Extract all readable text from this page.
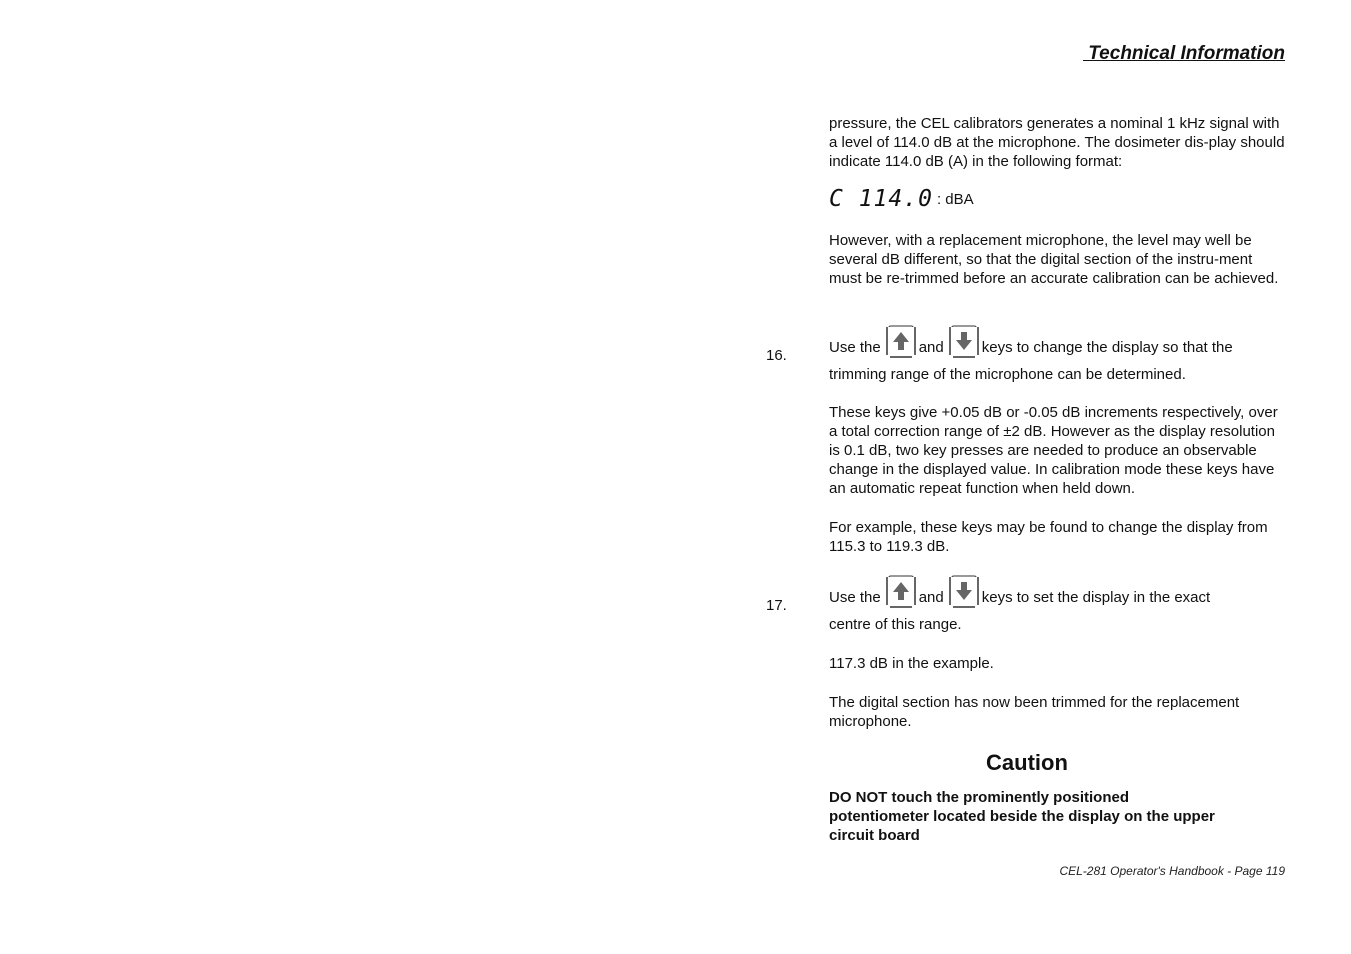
Technical Information
pressure, the CEL calibrators generates a nominal 1 kHz signal with a level of 114.0 dB at the microphone. The dosimeter dis-play should indicate 114.0 dB (A) in the following format:
C 114.0 : dBA
However, with a replacement microphone, the level may well be several dB different, so that the digital section of the instru-ment must be re-trimmed before an accurate calibration can be achieved.
16.	Use the	and	keys to change the display so that the
trimming range of the microphone can be determined.
These keys give +0.05 dB or -0.05 dB increments respectively, over a total correction range of ±2 dB. However as the display resolution is 0.1 dB, two key presses are needed to produce an observable change in the displayed value. In calibration mode these keys have an automatic repeat function when held down.
For example, these keys may be found to change the display from 115.3 to 119.3 dB.
17.	Use the	and	keys to set the display in the exact
centre of this range.
117.3 dB in the example.
The digital section has now been trimmed for the replacement microphone.
Caution
DO NOT touch the prominently positioned potentiometer located beside the display on the upper circuit board
CEL-281 Operator's Handbook - Page 119
